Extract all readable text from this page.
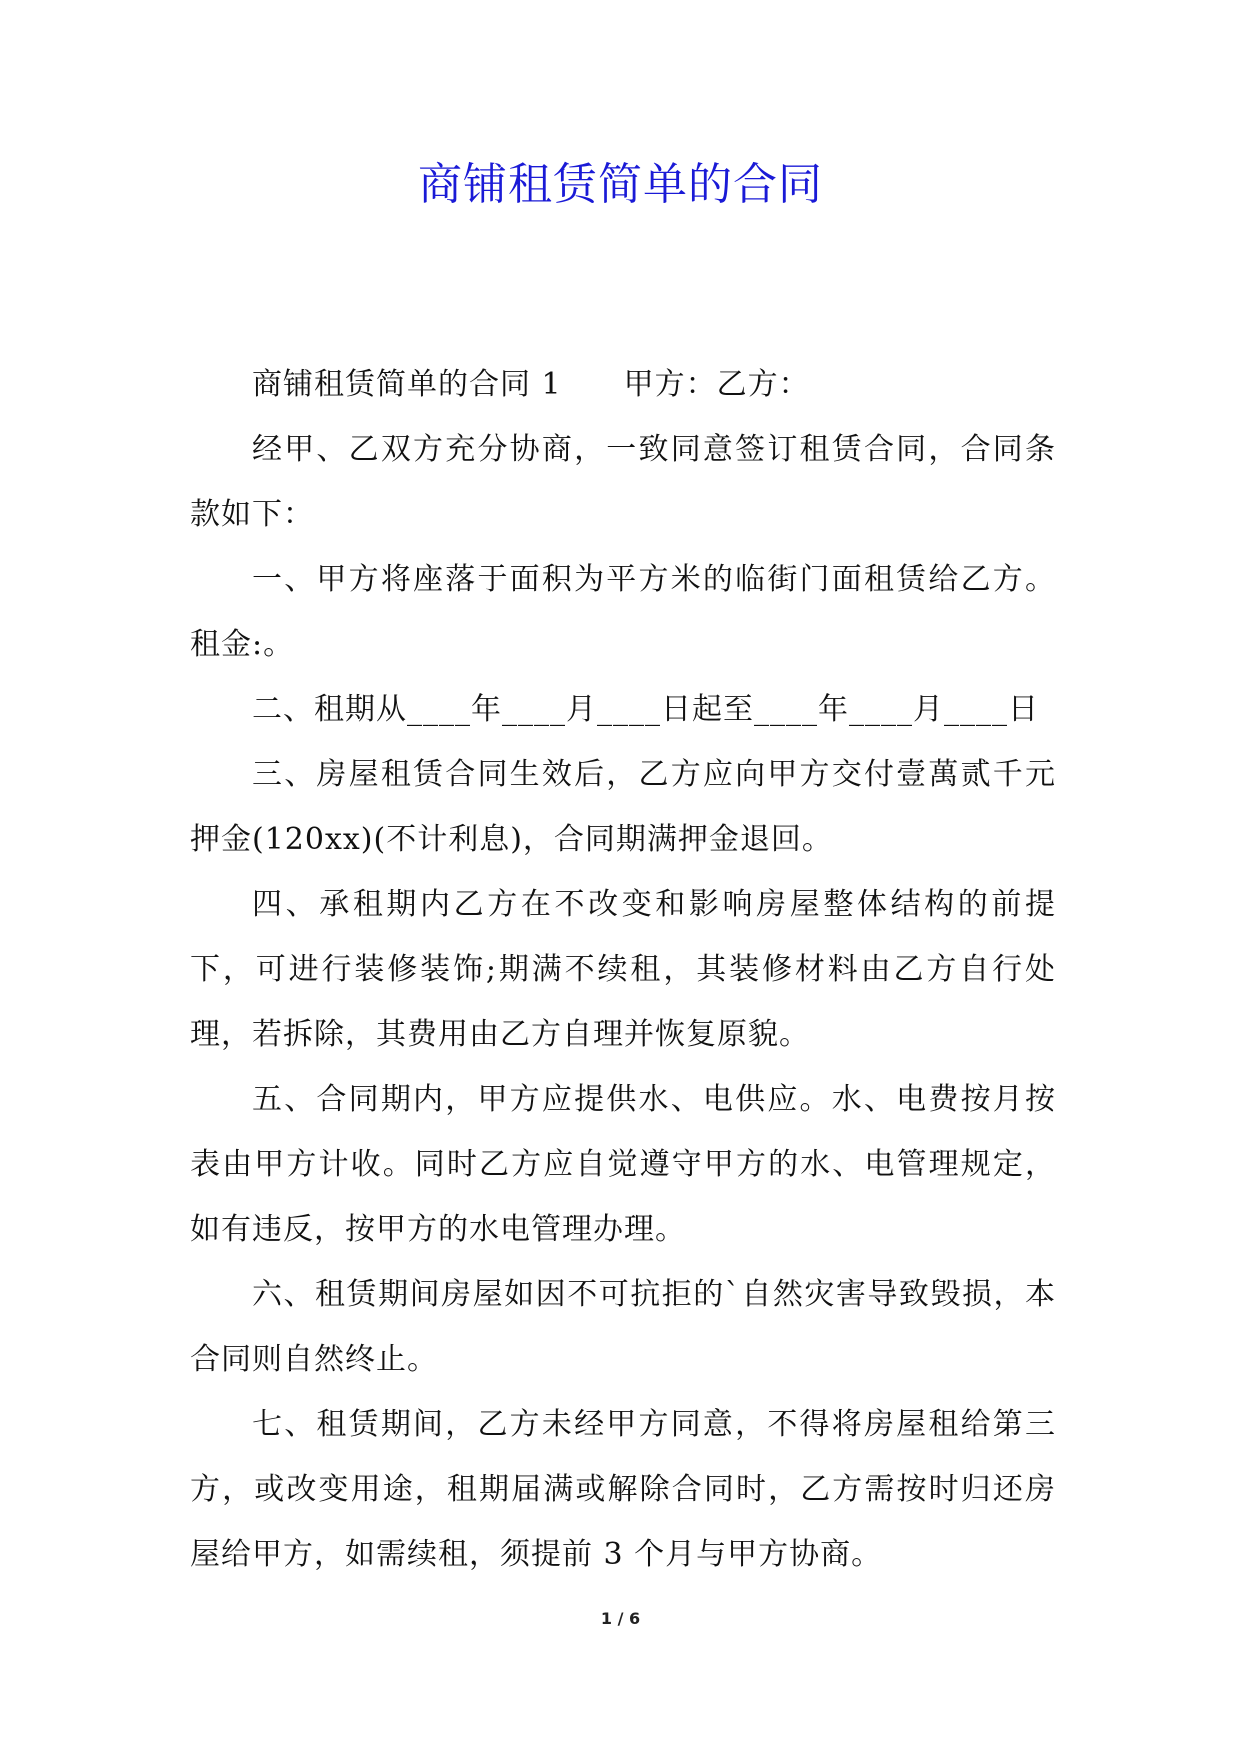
商铺租赁简单的合同

商铺租赁简单的合同 1　　甲方：乙方：

经甲、乙双方充分协商，一致同意签订租赁合同，合同条款如下：

一、甲方将座落于面积为平方米的临街门面租赁给乙方。租金:。

二、租期从____年____月____日起至____年____月____日

三、房屋租赁合同生效后，乙方应向甲方交付壹萬贰千元押金(120xx)(不计利息)，合同期满押金退回。

四、承租期内乙方在不改变和影响房屋整体结构的前提下，可进行装修装饰;期满不续租，其装修材料由乙方自行处理，若拆除，其费用由乙方自理并恢复原貌。

五、合同期内，甲方应提供水、电供应。水、电费按月按表由甲方计收。同时乙方应自觉遵守甲方的水、电管理规定，如有违反，按甲方的水电管理办理。

六、租赁期间房屋如因不可抗拒的`自然灾害导致毁损，本合同则自然终止。

七、租赁期间，乙方未经甲方同意，不得将房屋租给第三方，或改变用途，租期届满或解除合同时，乙方需按时归还房屋给甲方，如需续租，须提前 3 个月与甲方协商。

1 / 6
